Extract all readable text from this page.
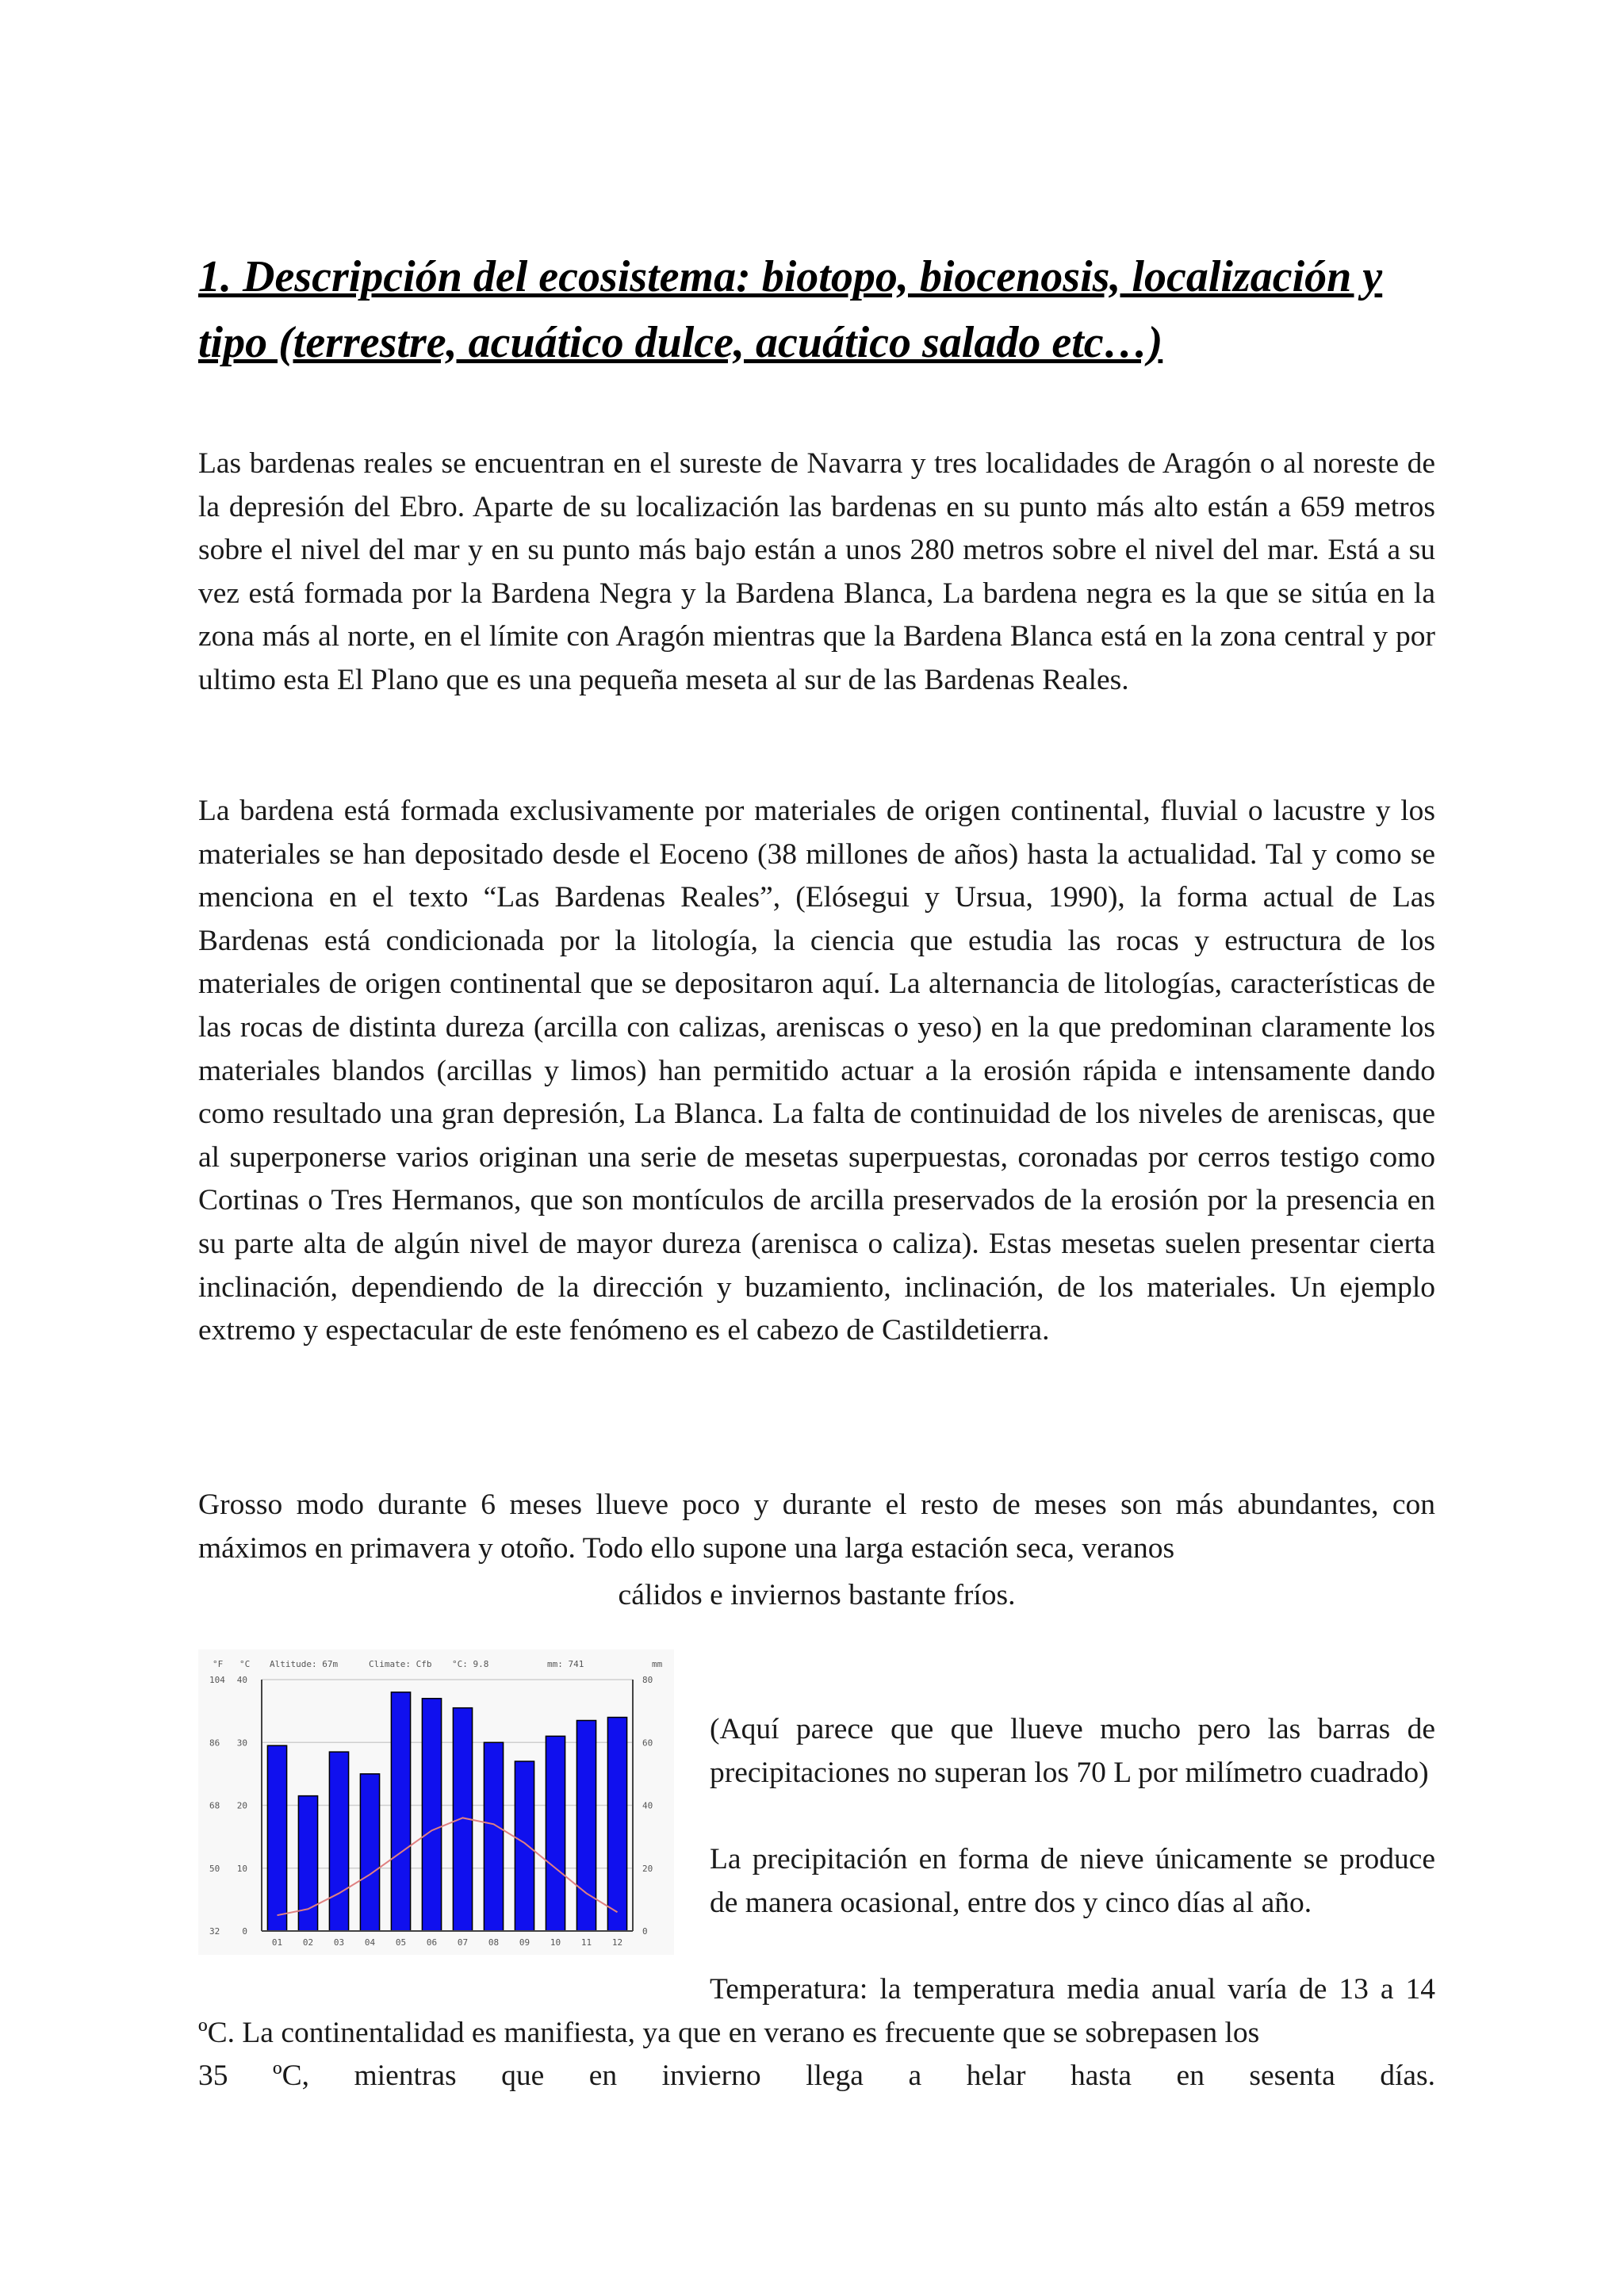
1. Descripción del ecosistema: biotopo, biocenosis, localización y tipo (terrestre, acuático dulce, acuático salado etc…)

Las bardenas reales se encuentran en el sureste de Navarra y tres localidades de Aragón o al noreste de la depresión del Ebro. Aparte de su localización las bardenas en su punto más alto están a 659 metros sobre el nivel del mar y en su punto más bajo están a unos 280 metros sobre el nivel del mar. Está a su vez está formada por la Bardena Negra y la Bardena Blanca, La bardena negra es la que se sitúa en la zona más al norte, en el límite con Aragón mientras que la Bardena Blanca está en la zona central y por ultimo esta El Plano que es una pequeña meseta al sur de las Bardenas Reales.

La bardena está formada exclusivamente por materiales de origen continental, fluvial o lacustre y los materiales se han depositado desde el Eoceno (38 millones de años) hasta la actualidad. Tal y como se menciona en el texto “Las Bardenas Reales”, (Elósegui y Ursua, 1990), la forma actual de Las Bardenas está condicionada por la litología, la ciencia que estudia las rocas y estructura de los materiales de origen continental que se depositaron aquí. La alternancia de litologías, características de las rocas de distinta dureza (arcilla con calizas, areniscas o yeso) en la que predominan claramente los materiales blandos (arcillas y limos) han permitido actuar a la erosión rápida e intensamente dando como resultado una gran depresión, La Blanca. La falta de continuidad de los niveles de areniscas, que al superponerse varios originan una serie de mesetas superpuestas, coronadas por cerros testigo como Cortinas o Tres Hermanos, que son montículos de arcilla preservados de la erosión por la presencia en su parte alta de algún nivel de mayor dureza (arenisca o caliza). Estas mesetas suelen presentar cierta inclinación, dependiendo de la dirección y buzamiento, inclinación, de los materiales. Un ejemplo extremo y espectacular de este fenómeno es el cabezo de Castildetierra.

Grosso modo durante 6 meses llueve poco y durante el resto de meses son más abundantes, con máximos en primavera y otoño. Todo ello supone una larga estación seca, veranos

cálidos e inviernos bastante fríos.
°F °C Altitude: 67m	Climate: Cfb °C: 9.8	mm: 741	mm
104
86
68
50
32
40
30
20
10
0
80
60
40
20
0
01 02 03 04 05 06 07 08 09 10 11 12

(Aquí parece que que llueve mucho pero las barras de precipitaciones no superan los 70 L por milímetro cuadrado)

La precipitación en forma de nieve únicamente se produce de manera ocasional, entre dos y cinco días al año.

Temperatura: la temperatura media anual varía de 13 a 14 ºC. La continentalidad es manifiesta, ya que en verano es frecuente que se sobrepasen los

35 ºC, mientras que en invierno llega a helar hasta en sesenta días.
